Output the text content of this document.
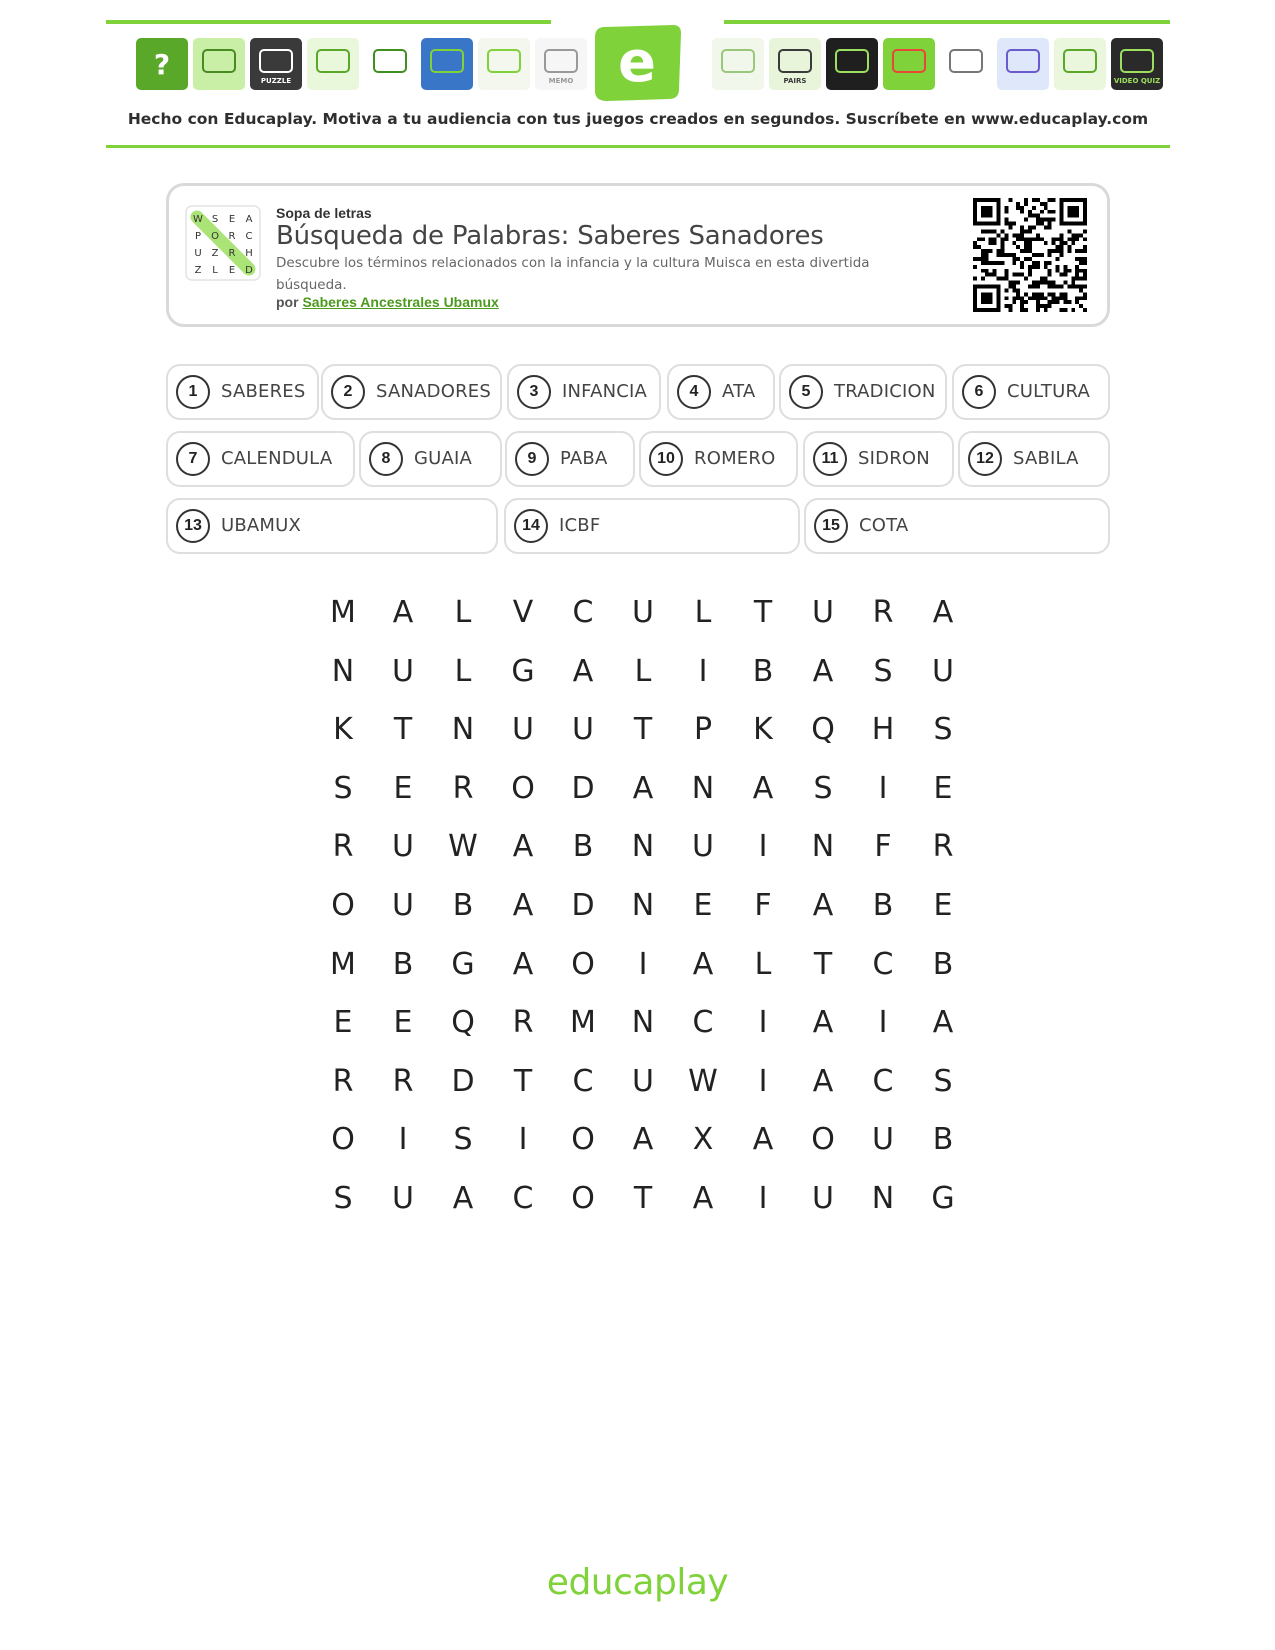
?	PUZZLE	MEMO e	PAIRS	VIDEO QUIZ
Hecho con Educaplay. Motiva a tu audiencia con tus juegos creados en segundos. Suscríbete en www.educaplay.com
W S E A
P O R C
U Z R H
Z L E D
Sopa de letras
Búsqueda de Palabras: Saberes Sanadores
Descubre los términos relacionados con la infancia y la cultura Muisca en esta divertida búsqueda.
por Saberes Ancestrales Ubamux
1	SABERES	2	SANADORES	3	INFANCIA	4	ATA	5	TRADICION	6	CULTURA
7	CALENDULA	8	GUAIA	9	PABA	10	ROMERO	11	SIDRON	12	SABILA
13	UBAMUX	14	ICBF	15	COTA
M	A	L	V	C	U	L	T	U	R	A
N	U	L	G	A	L	I	B	A	S	U
K	T	N	U	U	T	P	K	Q	H	S
S	E	R	O	D	A	N	A	S	I	E
R	U	W	A	B	N	U	I	N	F	R
O	U	B	A	D	N	E	F	A	B	E
M	B	G	A	O	I	A	L	T	C	B
E	E	Q	R	M	N	C	I	A	I	A
R	R	D	T	C	U	W	I	A	C	S
O	I	S	I	O	A	X	A	O	U	B
S	U	A	C	O	T	A	I	U	N	G
educaplay
